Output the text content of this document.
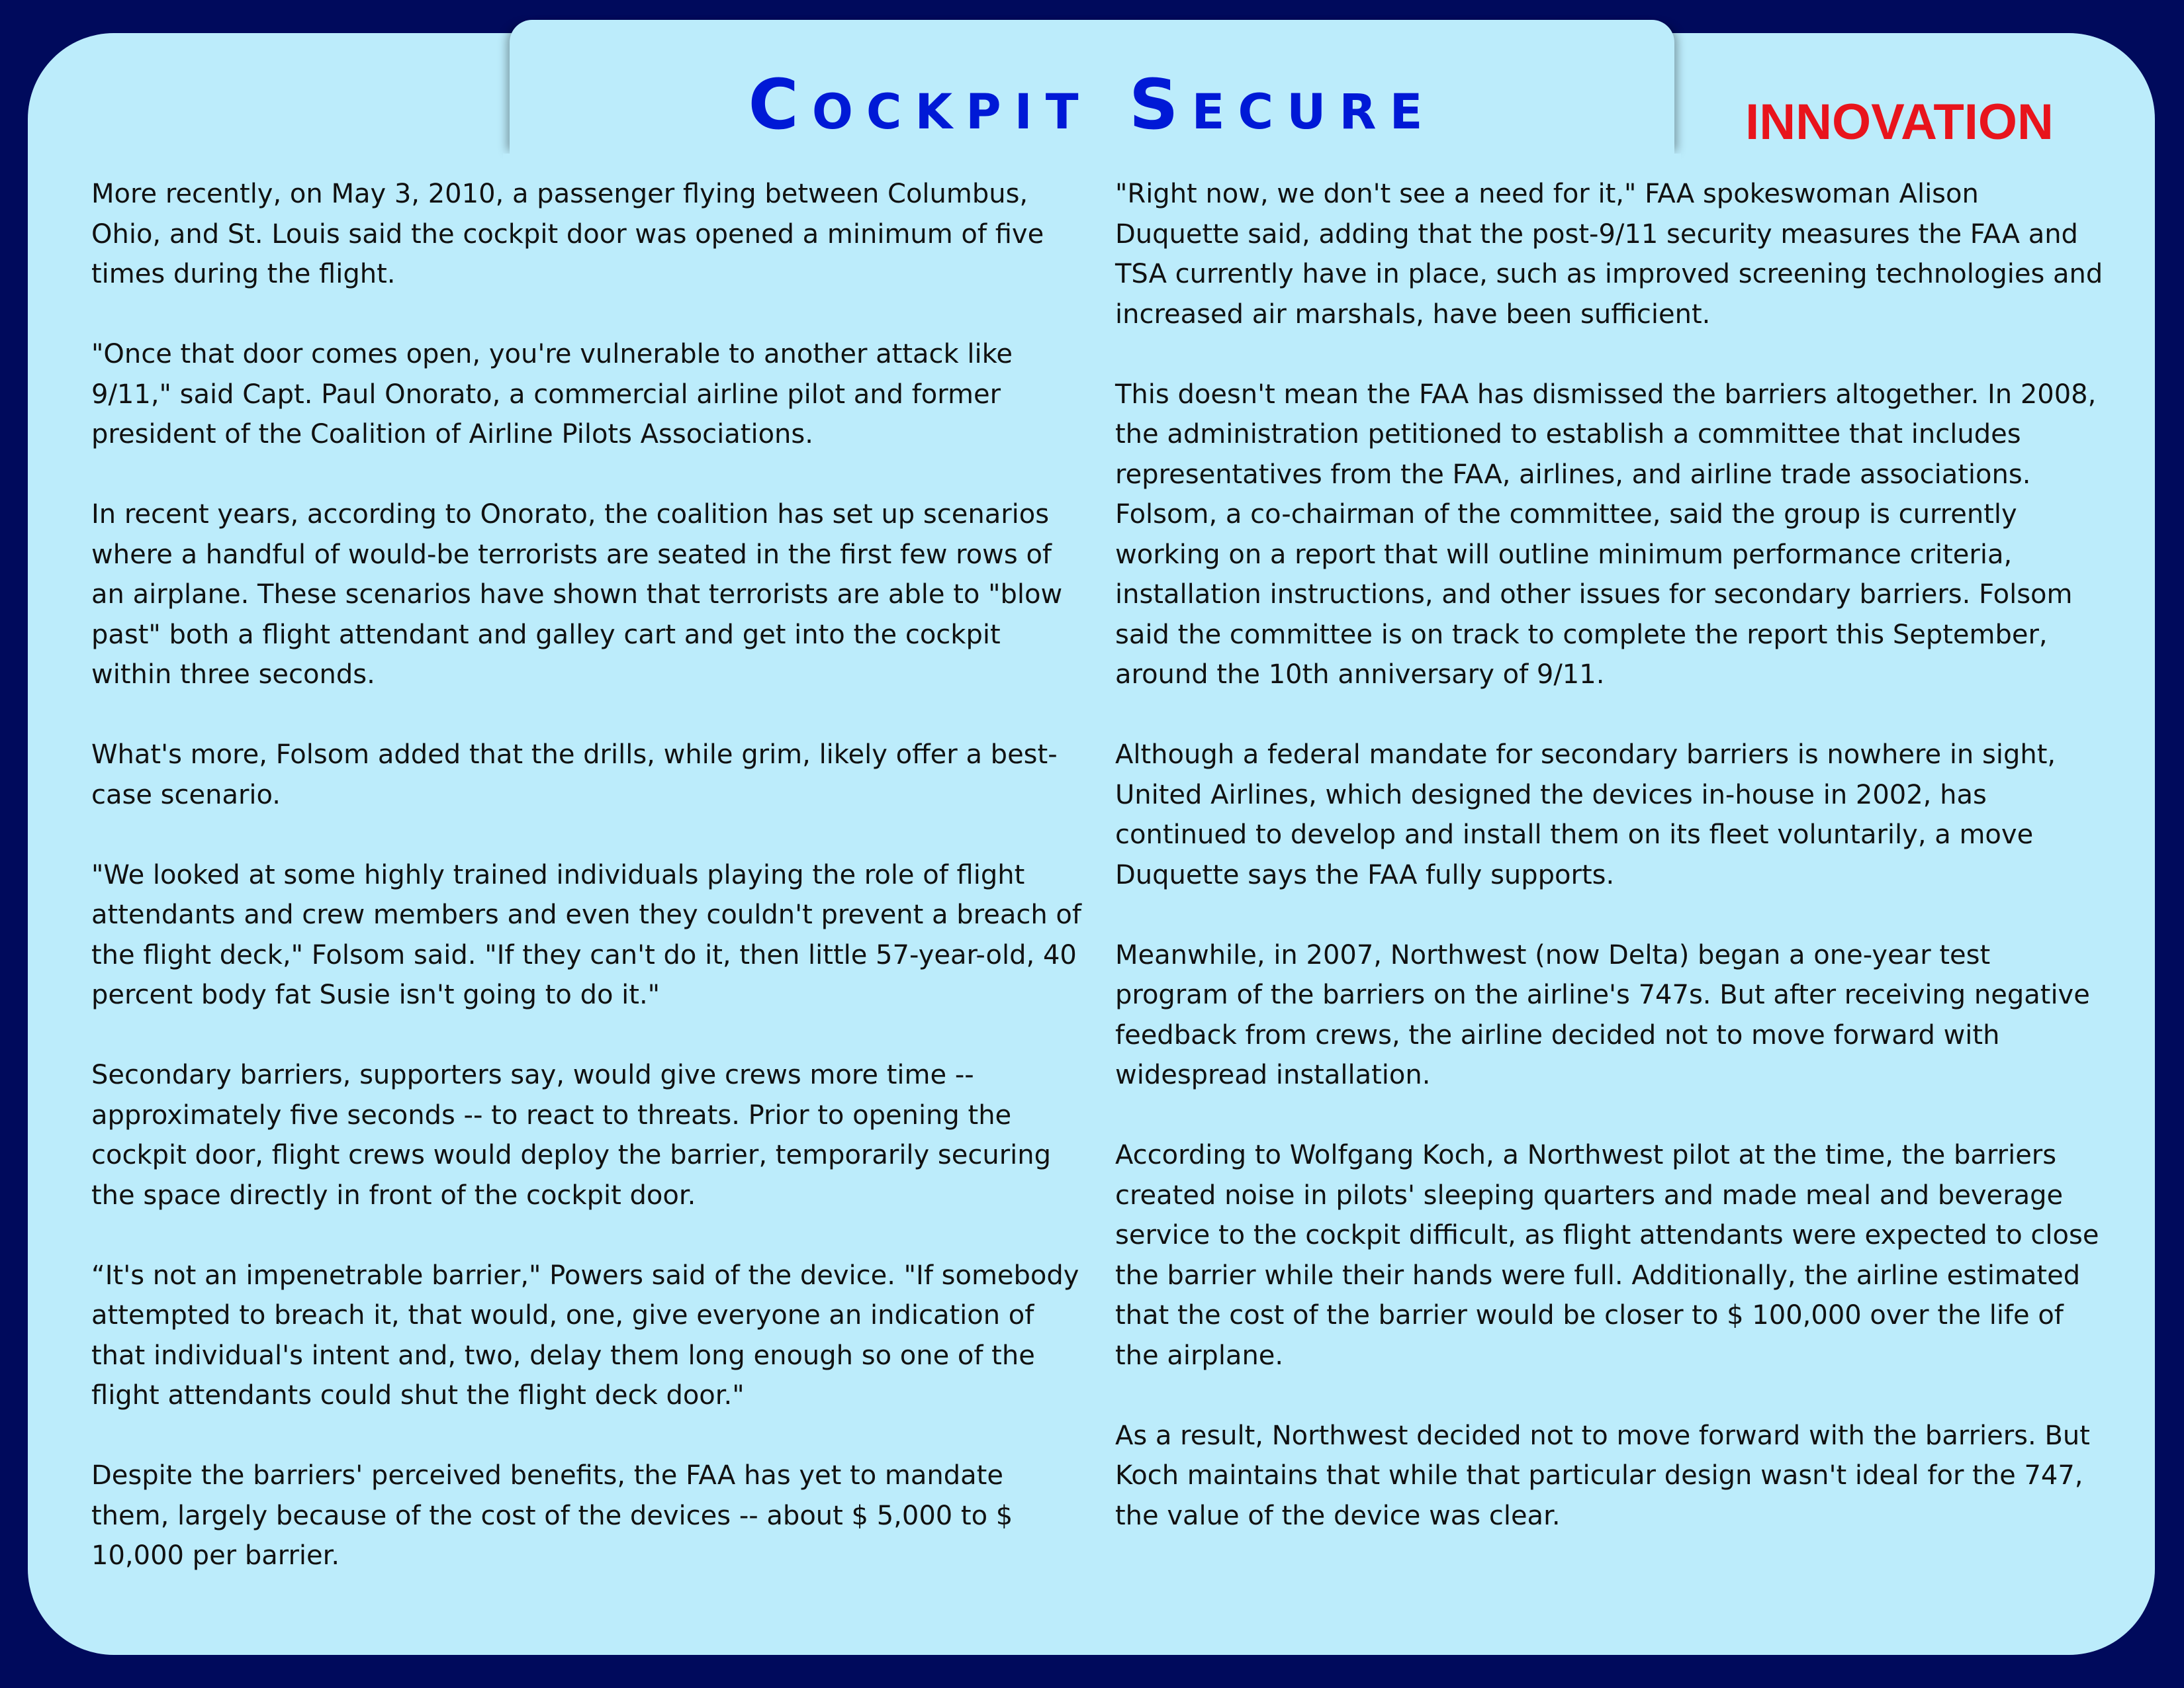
Cockpit Secure	INNOVATION

More recently, on May 3, 2010, a passenger flying between Columbus, Ohio, and St. Louis said the cockpit door was opened a minimum of five times during the flight.

"Once that door comes open, you're vulnerable to another attack like 9/11," said Capt. Paul Onorato, a commercial airline pilot and former president of the Coalition of Airline Pilots Associations.

In recent years, according to Onorato, the coalition has set up scenarios where a handful of would-be terrorists are seated in the first few rows of an airplane. These scenarios have shown that terrorists are able to "blow past" both a flight attendant and galley cart and get into the cockpit within three seconds.

What's more, Folsom added that the drills, while grim, likely offer a best-case scenario.

"We looked at some highly trained individuals playing the role of flight attendants and crew members and even they couldn't prevent a breach of the flight deck," Folsom said. "If they can't do it, then little 57-year-old, 40 percent body fat Susie isn't going to do it."

Secondary barriers, supporters say, would give crews more time -- approximately five seconds -- to react to threats. Prior to opening the cockpit door, flight crews would deploy the barrier, temporarily securing the space directly in front of the cockpit door.

“It's not an impenetrable barrier," Powers said of the device. "If somebody attempted to breach it, that would, one, give everyone an indication of that individual's intent and, two, delay them long enough so one of the flight attendants could shut the flight deck door."

Despite the barriers' perceived benefits, the FAA has yet to mandate them, largely because of the cost of the devices -- about $ 5,000 to $ 10,000 per barrier.

"Right now, we don't see a need for it," FAA spokeswoman Alison Duquette said, adding that the post-9/11 security measures the FAA and TSA currently have in place, such as improved screening technologies and increased air marshals, have been sufficient.

This doesn't mean the FAA has dismissed the barriers altogether. In 2008, the administration petitioned to establish a committee that includes representatives from the FAA, airlines, and airline trade associations. Folsom, a co-chairman of the committee, said the group is currently working on a report that will outline minimum performance criteria, installation instructions, and other issues for secondary barriers. Folsom said the committee is on track to complete the report this September, around the 10th anniversary of 9/11.

Although a federal mandate for secondary barriers is nowhere in sight, United Airlines, which designed the devices in-house in 2002, has continued to develop and install them on its fleet voluntarily, a move Duquette says the FAA fully supports.

Meanwhile, in 2007, Northwest (now Delta) began a one-year test program of the barriers on the airline's 747s. But after receiving negative feedback from crews, the airline decided not to move forward with widespread installation.

According to Wolfgang Koch, a Northwest pilot at the time, the barriers created noise in pilots' sleeping quarters and made meal and beverage service to the cockpit difficult, as flight attendants were expected to close the barrier while their hands were full. Additionally, the airline estimated that the cost of the barrier would be closer to $ 100,000 over the life of the airplane.

As a result, Northwest decided not to move forward with the barriers. But Koch maintains that while that particular design wasn't ideal for the 747, the value of the device was clear.
